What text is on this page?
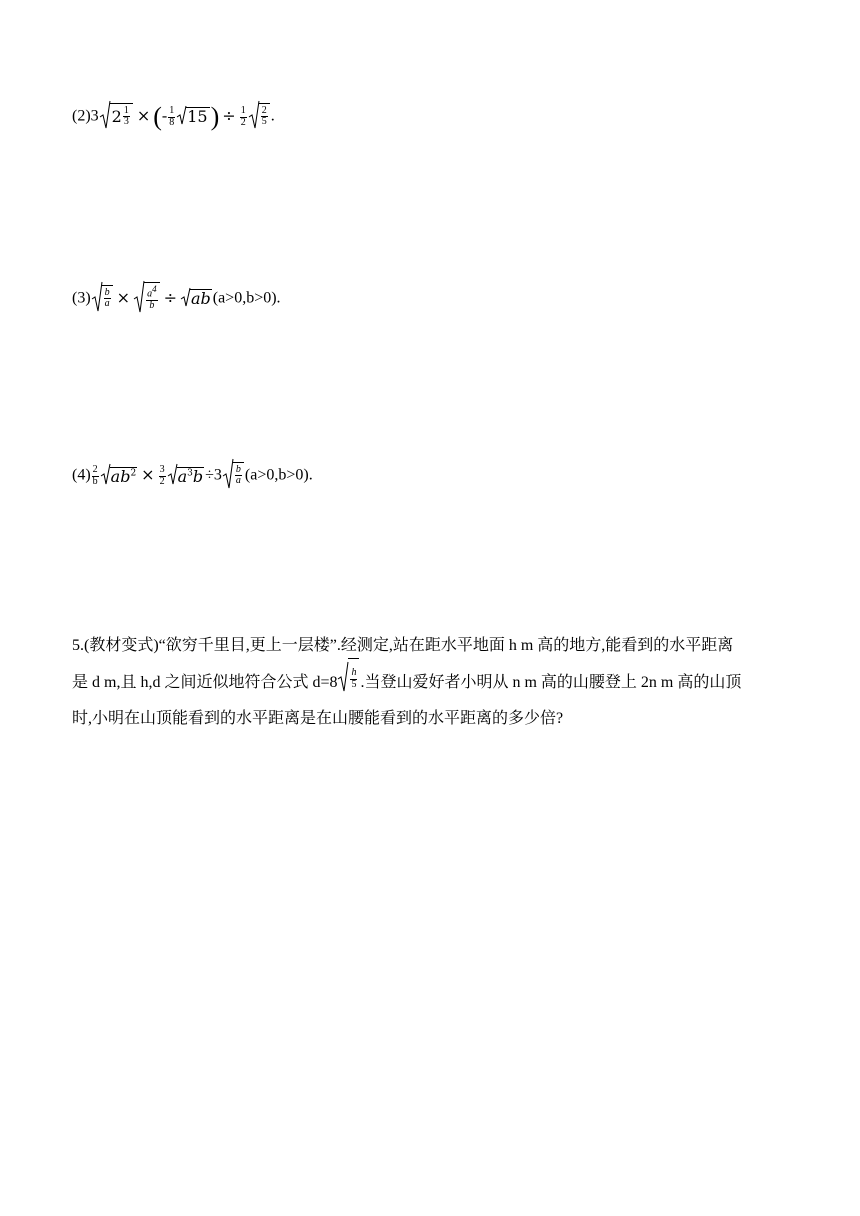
(2)3 $2 \frac{1}{3}$ × (- $\frac{1}{8} 15$ ) ÷ $\frac{1}{2} \frac{2}{5}$ .
$(3) \frac{b}{a} \times \frac{a^4}{b}$ ÷ ab (a>0,b>0).
$(4) \frac{2}{b} ab^2 \times \frac{3}{2} a^3b \div 3 \frac{b}{a} (a>0,b>0)$.
5.(教材变式)“欲穷千里目,更上一层楼”.经测定,站在距水平地面 h m 高的地方,能看到的水平距离
是 d m,且 h,d 之间近似地符合公式 $d=8 \frac{h}{5}$ .当登山爱好者小明从 n m 高的山腰登上 2n m 高的山顶
时,小明在山顶能看到的水平距离是在山腰能看到的水平距离的多少倍?
